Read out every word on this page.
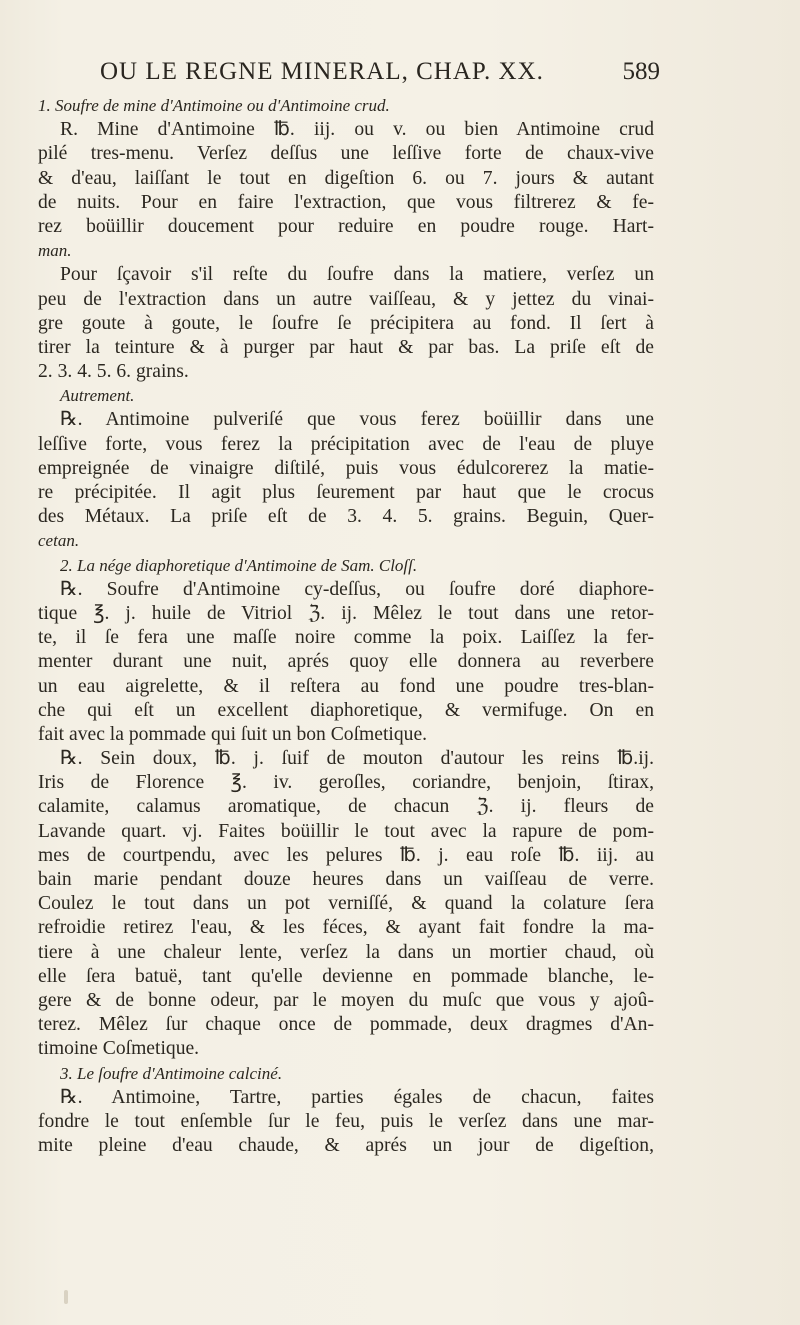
OU LE REGNE MINERAL, CHAP. XX.	589
1. Soufre de mine d'Antimoine ou d'Antimoine crud.
R. Mine d'Antimoine ℔. iij. ou v. ou bien Antimoine crud
pilé tres-menu. Verſez deſſus une leſſive forte de chaux-vive
& d'eau, laiſſant le tout en digeſtion 6. ou 7. jours & autant
de nuits. Pour en faire l'extraction, que vous filtrerez & fe-
rez boüillir doucement pour reduire en poudre rouge. Hart-
man.
Pour ſçavoir s'il reſte du ſoufre dans la matiere, verſez un
peu de l'extraction dans un autre vaiſſeau, & y jettez du vinai-
gre goute à goute, le ſoufre ſe précipitera au fond. Il ſert à
tirer la teinture & à purger par haut & par bas. La priſe eſt de
2. 3. 4. 5. 6. grains.
Autrement.
℞. Antimoine pulveriſé que vous ferez boüillir dans une
leſſive forte, vous ferez la précipitation avec de l'eau de pluye
empreignée de vinaigre diſtilé, puis vous édulcorerez la matie-
re précipitée. Il agit plus ſeurement par haut que le crocus
des Métaux. La priſe eſt de 3. 4. 5. grains. Beguin, Quer-
cetan.
2. La nége diaphoretique d'Antimoine de Sam. Cloſſ.
℞. Soufre d'Antimoine cy-deſſus, ou ſoufre doré diaphore-
tique ℥. j. huile de Vitriol ℨ. ij. Mêlez le tout dans une retor-
te, il ſe fera une maſſe noire comme la poix. Laiſſez la fer-
menter durant une nuit, aprés quoy elle donnera au reverbere
un eau aigrelette, & il reſtera au fond une poudre tres-blan-
che qui eſt un excellent diaphoretique, & vermifuge. On en
fait avec la pommade qui ſuit un bon Coſmetique.
℞. Sein doux, ℔. j. ſuif de mouton d'autour les reins ℔.ij.
Iris de Florence ℥. iv. geroſles, coriandre, benjoin, ſtirax,
calamite, calamus aromatique, de chacun ℨ. ij. fleurs de
Lavande quart. vj. Faites boüillir le tout avec la rapure de pom-
mes de courtpendu, avec les pelures ℔. j. eau roſe ℔. iij. au
bain marie pendant douze heures dans un vaiſſeau de verre.
Coulez le tout dans un pot verniſſé, & quand la colature ſera
refroidie retirez l'eau, & les féces, & ayant fait fondre la ma-
tiere à une chaleur lente, verſez la dans un mortier chaud, où
elle ſera batuë, tant qu'elle devienne en pommade blanche, le-
gere & de bonne odeur, par le moyen du muſc que vous y ajoû-
terez. Mêlez ſur chaque once de pommade, deux dragmes d'An-
timoine Coſmetique.
3. Le ſoufre d'Antimoine calciné.
℞. Antimoine, Tartre, parties égales de chacun, faites
fondre le tout enſemble ſur le feu, puis le verſez dans une mar-
mite pleine d'eau chaude, & aprés un jour de digeſtion,
